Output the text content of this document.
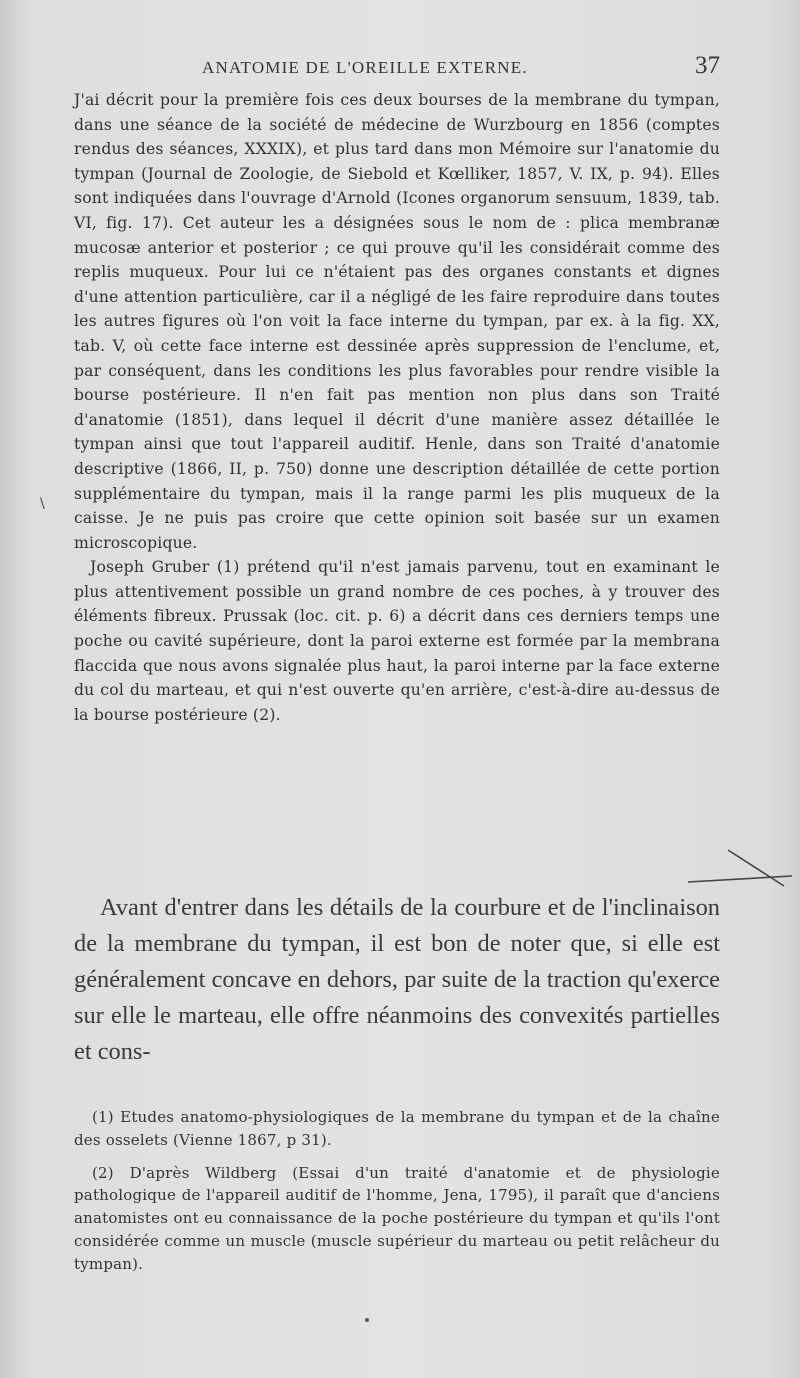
ANATOMIE DE L'OREILLE EXTERNE.	37

J'ai décrit pour la première fois ces deux bourses de la membrane du tympan, dans une séance de la société de médecine de Wurzbourg en 1856 (comptes rendus des séances, XXXIX), et plus tard dans mon Mémoire sur l'anatomie du tympan (Journal de Zoologie, de Siebold et Kœlliker, 1857, V. IX, p. 94). Elles sont indiquées dans l'ouvrage d'Arnold (Icones organorum sensuum, 1839, tab. VI, fig. 17). Cet auteur les a désignées sous le nom de : plica membranæ mucosæ anterior et posterior ; ce qui prouve qu'il les considérait comme des replis muqueux. Pour lui ce n'étaient pas des organes constants et dignes d'une attention particulière, car il a négligé de les faire reproduire dans toutes les autres figures où l'on voit la face interne du tympan, par ex. à la fig. XX, tab. V, où cette face interne est dessinée après suppression de l'enclume, et, par conséquent, dans les conditions les plus favorables pour rendre visible la bourse postérieure. Il n'en fait pas mention non plus dans son Traité d'anatomie (1851), dans lequel il décrit d'une manière assez détaillée le tympan ainsi que tout l'appareil auditif. Henle, dans son Traité d'anatomie descriptive (1866, II, p. 750) donne une description détaillée de cette portion supplémentaire du tympan, mais il la range parmi les plis muqueux de la caisse. Je ne puis pas croire que cette opinion soit basée sur un examen microscopique.

Joseph Gruber (1) prétend qu'il n'est jamais parvenu, tout en examinant le plus attentivement possible un grand nombre de ces poches, à y trouver des éléments fibreux. Prussak (loc. cit. p. 6) a décrit dans ces derniers temps une poche ou cavité supérieure, dont la paroi externe est formée par la membrana flaccida que nous avons signalée plus haut, la paroi interne par la face externe du col du marteau, et qui n'est ouverte qu'en arrière, c'est-à-dire au-dessus de la bourse postérieure (2).

\

Avant d'entrer dans les détails de la courbure et de l'inclinaison de la membrane du tympan, il est bon de noter que, si elle est généralement concave en dehors, par suite de la traction qu'exerce sur elle le marteau, elle offre néanmoins des convexités partielles et cons-

(1) Etudes anatomo-physiologiques de la membrane du tympan et de la chaîne des osselets (Vienne 1867, p 31).

(2) D'après Wildberg (Essai d'un traité d'anatomie et de physiologie pathologique de l'appareil auditif de l'homme, Jena, 1795), il paraît que d'anciens anatomistes ont eu connaissance de la poche postérieure du tympan et qu'ils l'ont considérée comme un muscle (muscle supérieur du marteau ou petit relâcheur du tympan).
